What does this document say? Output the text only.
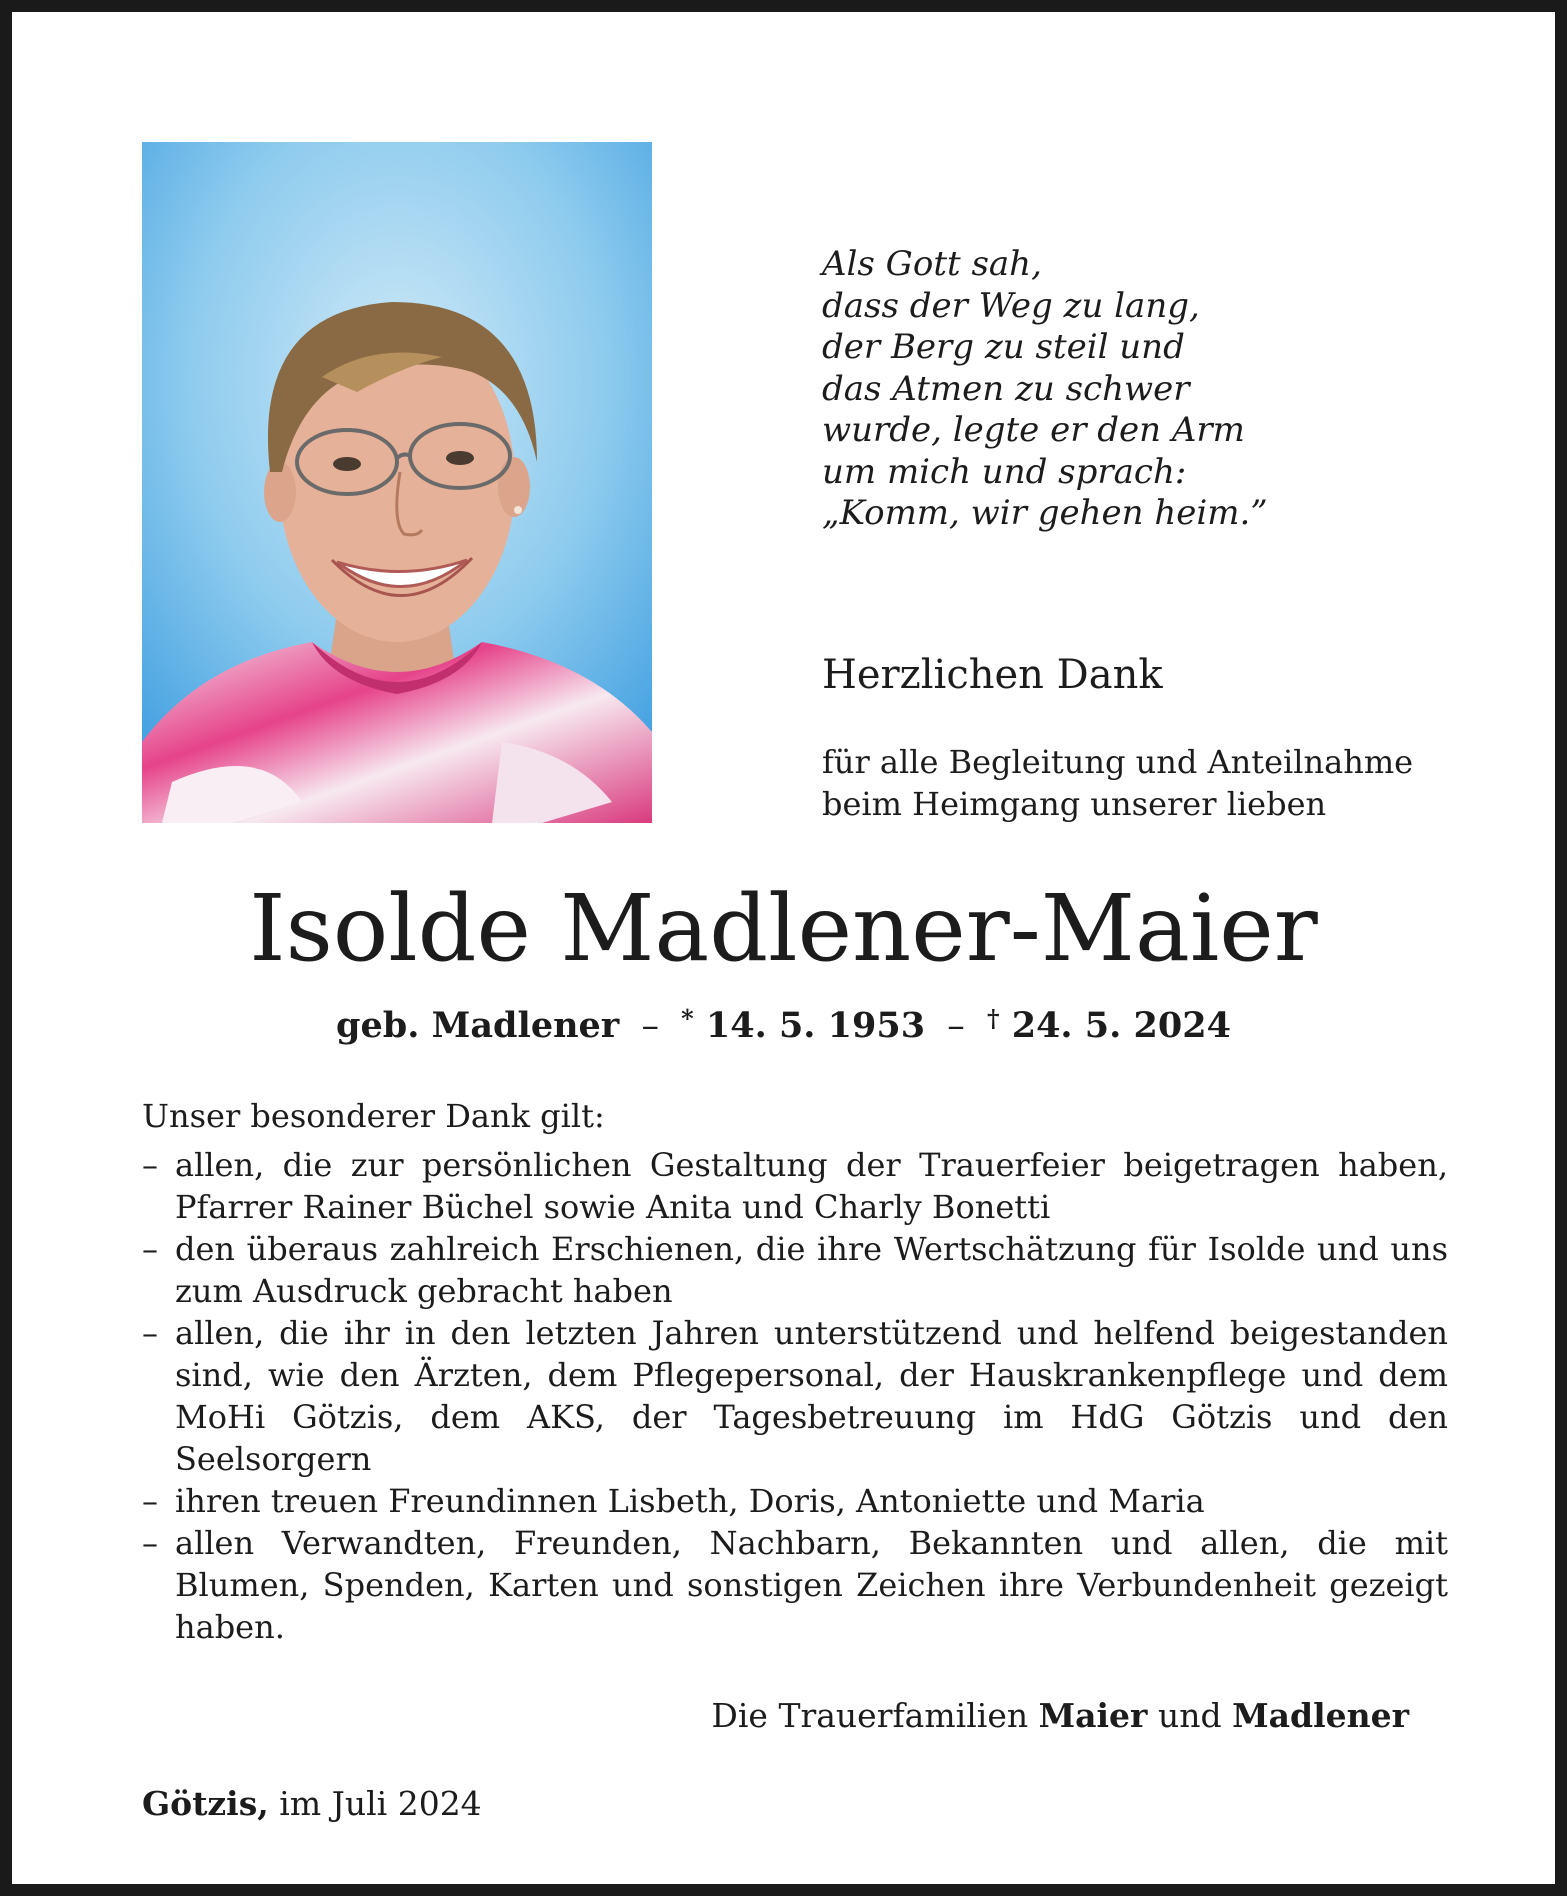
Als Gott sah,
dass der Weg zu lang,
der Berg zu steil und
das Atmen zu schwer
wurde, legte er den Arm
um mich und sprach:
„Komm, wir gehen heim.”
Herzlichen Dank
für alle Begleitung und Anteilnahme
beim Heimgang unserer lieben
Isolde Madlener-Maier
geb. Madlener – * 14. 5. 1953 – † 24. 5. 2024
Unser besonderer Dank gilt:
– allen, die zur persönlichen Gestaltung der Trauerfeier beigetragen haben, Pfarrer Rainer Büchel sowie Anita und Charly Bonetti
– den überaus zahlreich Erschienen, die ihre Wertschätzung für Isolde und uns zum Ausdruck gebracht haben
– allen, die ihr in den letzten Jahren unterstützend und helfend beigestanden sind, wie den Ärzten, dem Pflegepersonal, der Hauskrankenpflege und dem MoHi Götzis, dem AKS, der Tagesbetreuung im HdG Götzis und den Seelsorgern
– ihren treuen Freundinnen Lisbeth, Doris, Antoniette und Maria
– allen Verwandten, Freunden, Nachbarn, Bekannten und allen, die mit Blumen, Spenden, Karten und sonstigen Zeichen ihre Verbundenheit gezeigt haben.
Die Trauerfamilien Maier und Madlener
Götzis, im Juli 2024
